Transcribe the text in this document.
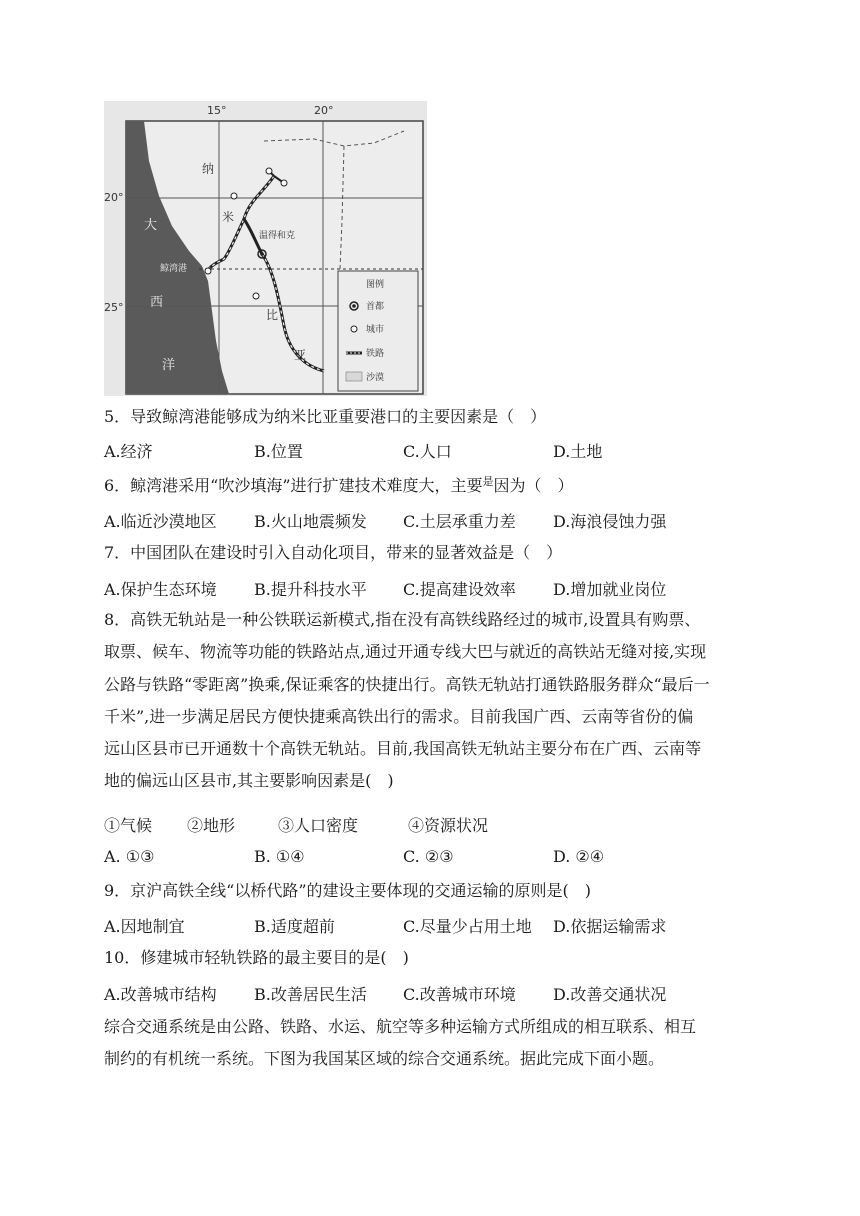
15°	20°
20°
25°
大
西
洋
纳
米
比
亚
温得和克
鲸湾港
图例
首都
城市
铁路
沙漠
5．导致鲸湾港能够成为纳米比亚重要港口的主要因素是（　）
A.经济	B.位置	C.人口	D.土地
6．鲸湾港采用“吹沙填海”进行扩建技术难度大，主要$^是$因为（　）
A.临近沙漠地区 B.火山地震频发 C.土层承重力差 D.海浪侵蚀力强
7．中国团队在建设时引入自动化项目，带来的显著效益是（　）
A.保护生态环境 B.提升科技水平 C.提高建设效率 D.增加就业岗位
8．高铁无轨站是一种公铁联运新模式,指在没有高铁线路经过的城市,设置具有购票、
取票、候车、物流等功能的铁路站点,通过开通专线大巴与就近的高铁站无缝对接,实现
公路与铁路“零距离”换乘,保证乘客的快捷出行。高铁无轨站打通铁路服务群众“最后一
千米”,进一步满足居民方便快捷乘高铁出行的需求。目前我国广西、云南等省份的偏
远山区县市已开通数十个高铁无轨站。目前,我国高铁无轨站主要分布在广西、云南等
地的偏远山区县市,其主要影响因素是(　)
①气候 ②地形	③人口密度	④资源状况
A. ①③	B. ①④	C. ②③	D. ②④
9．京沪高铁全线“以桥代路”的建设主要体现的交通运输的原则是(　)
A.因地制宜	B.适度超前	C.尽量少占用土地 D.依据运输需求
10．修建城市轻轨铁路的最主要目的是(　)
A.改善城市结构 B.改善居民生活 C.改善城市环境 D.改善交通状况
综合交通系统是由公路、铁路、水运、航空等多种运输方式所组成的相互联系、相互
制约的有机统一系统。下图为我国某区域的综合交通系统。据此完成下面小题。
